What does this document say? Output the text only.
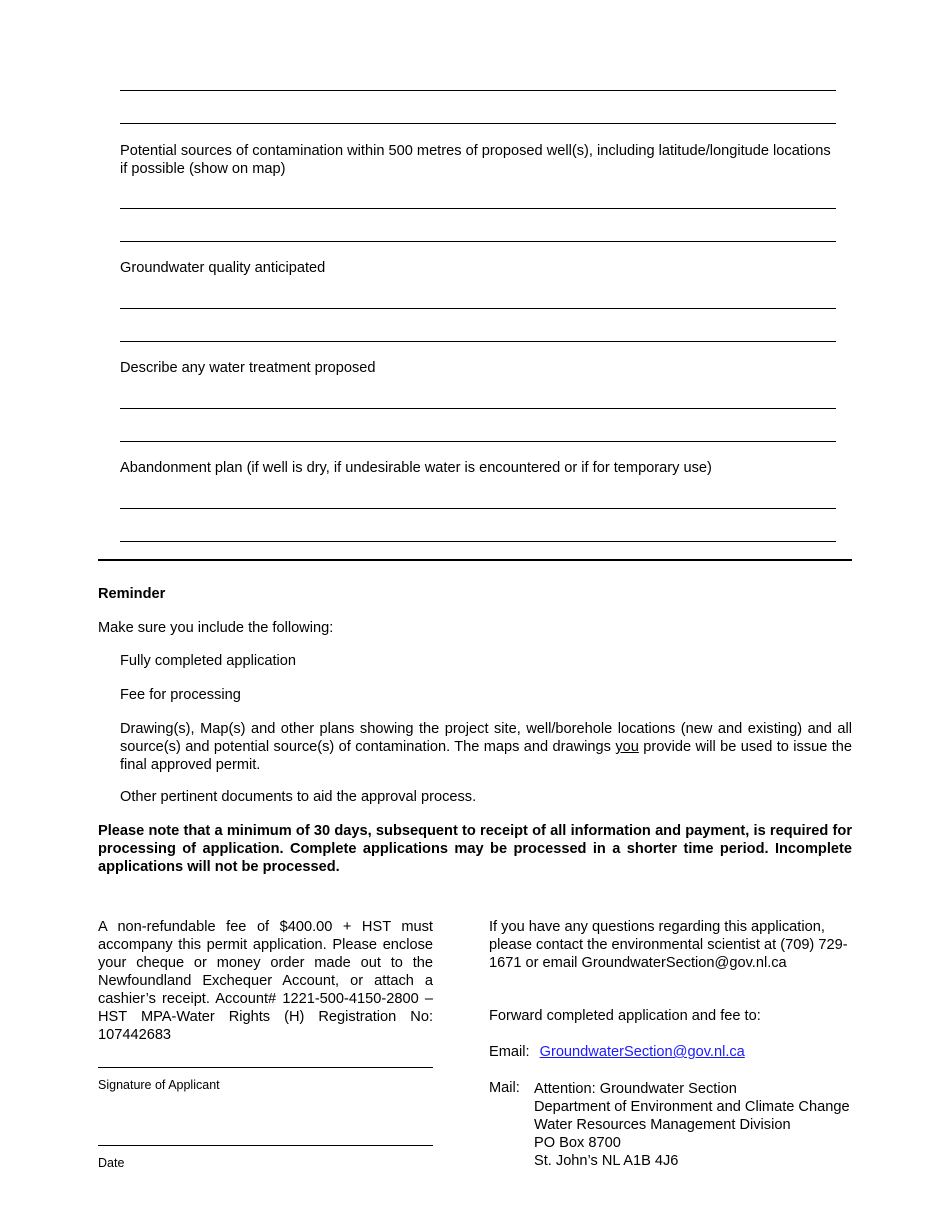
Potential sources of contamination within 500 metres of proposed well(s), including latitude/longitude locations if possible (show on map)
Groundwater quality anticipated
Describe any water treatment proposed
Abandonment plan (if well is dry, if undesirable water is encountered or if for temporary use)
Reminder
Make sure you include the following:
Fully completed application
Fee for processing
Drawing(s), Map(s) and other plans showing the project site, well/borehole locations (new and existing) and all source(s) and potential source(s) of contamination. The maps and drawings you provide will be used to issue the final approved permit.
Other pertinent documents to aid the approval process.
Please note that a minimum of 30 days, subsequent to receipt of all information and payment, is required for processing of application. Complete applications may be processed in a shorter time period. Incomplete applications will not be processed.
A non-refundable fee of $400.00 + HST must accompany this permit application. Please enclose your cheque or money order made out to the Newfoundland Exchequer Account, or attach a cashier’s receipt. Account# 1221-500-4150-2800 – HST MPA-Water Rights (H) Registration No: 107442683
Signature of Applicant
Date
If you have any questions regarding this application, please contact the environmental scientist at (709) 729-1671 or email GroundwaterSection@gov.nl.ca
Forward completed application and fee to:
Email: GroundwaterSection@gov.nl.ca
Mail: Attention: Groundwater Section
Department of Environment and Climate Change
Water Resources Management Division
PO Box 8700
St. John’s NL A1B 4J6
